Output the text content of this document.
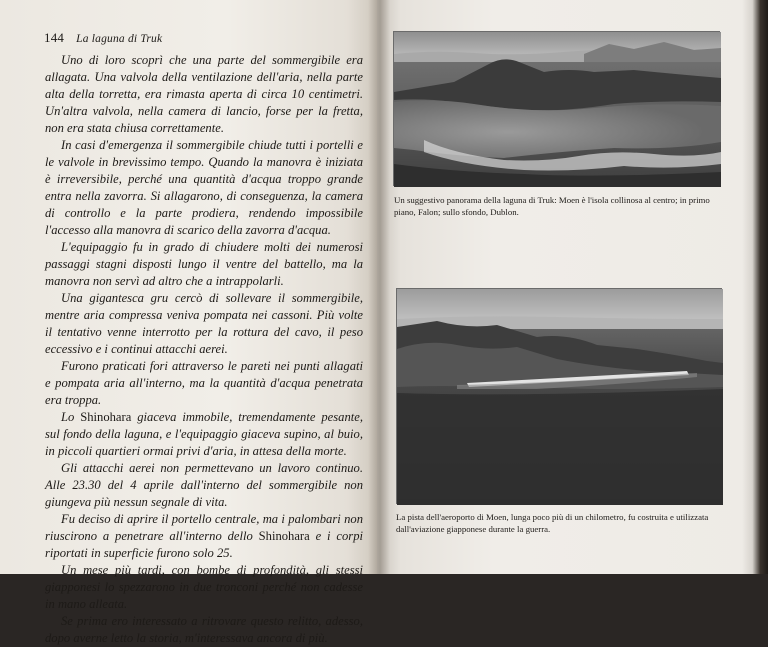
144 La laguna di Truk

Uno di loro scoprì che una parte del sommergibile era allagata. Una valvola della ventilazione dell'aria, nella parte alta della torretta, era rimasta aperta di circa 10 centimetri. Un'altra valvola, nella camera di lancio, forse per la fretta, non era stata chiusa correttamente.

In casi d'emergenza il sommergibile chiude tutti i portelli e le valvole in brevissimo tempo. Quando la manovra è iniziata è irreversibile, perché una quantità d'acqua troppo grande entra nella zavorra. Si allagarono, di conseguenza, la camera di controllo e la parte prodiera, rendendo impossibile l'accesso alla manovra di scarico della zavorra d'acqua.

L'equipaggio fu in grado di chiudere molti dei numerosi passaggi stagni disposti lungo il ventre del battello, ma la manovra non servì ad altro che a intrappolarli.

Una gigantesca gru cercò di sollevare il sommergibile, mentre aria compressa veniva pompata nei cassoni. Più volte il tentativo venne interrotto per la rottura del cavo, il peso eccessivo e i continui attacchi aerei.

Furono praticati fori attraverso le pareti nei punti allagati e pompata aria all'interno, ma la quantità d'acqua penetrata era troppa.

Lo Shinohara giaceva immobile, tremendamente pesante, sul fondo della laguna, e l'equipaggio giaceva supino, al buio, in piccoli quartieri ormai privi d'aria, in attesa della morte.

Gli attacchi aerei non permettevano un lavoro continuo. Alle 23.30 del 4 aprile dall'interno del sommergibile non giungeva più nessun segnale di vita.

Fu deciso di aprire il portello centrale, ma i palombari non riuscirono a penetrare all'interno dello Shinohara e i corpi riportati in superficie furono solo 25.

Un mese più tardi, con bombe di profondità, gli stessi giapponesi lo spezzarono in due tronconi perché non cadesse in mano alleata.

Se prima ero interessato a ritrovare questo relitto, adesso, dopo averne letto la storia, m'interessava ancora di più.

Un suggestivo panorama della laguna di Truk: Moen è l'isola collinosa al centro; in primo piano, Falon; sullo sfondo, Dublon.
La pista dell'aeroporto di Moen, lunga poco più di un chilometro, fu costruita e utilizzata dall'aviazione giapponese durante la guerra.
